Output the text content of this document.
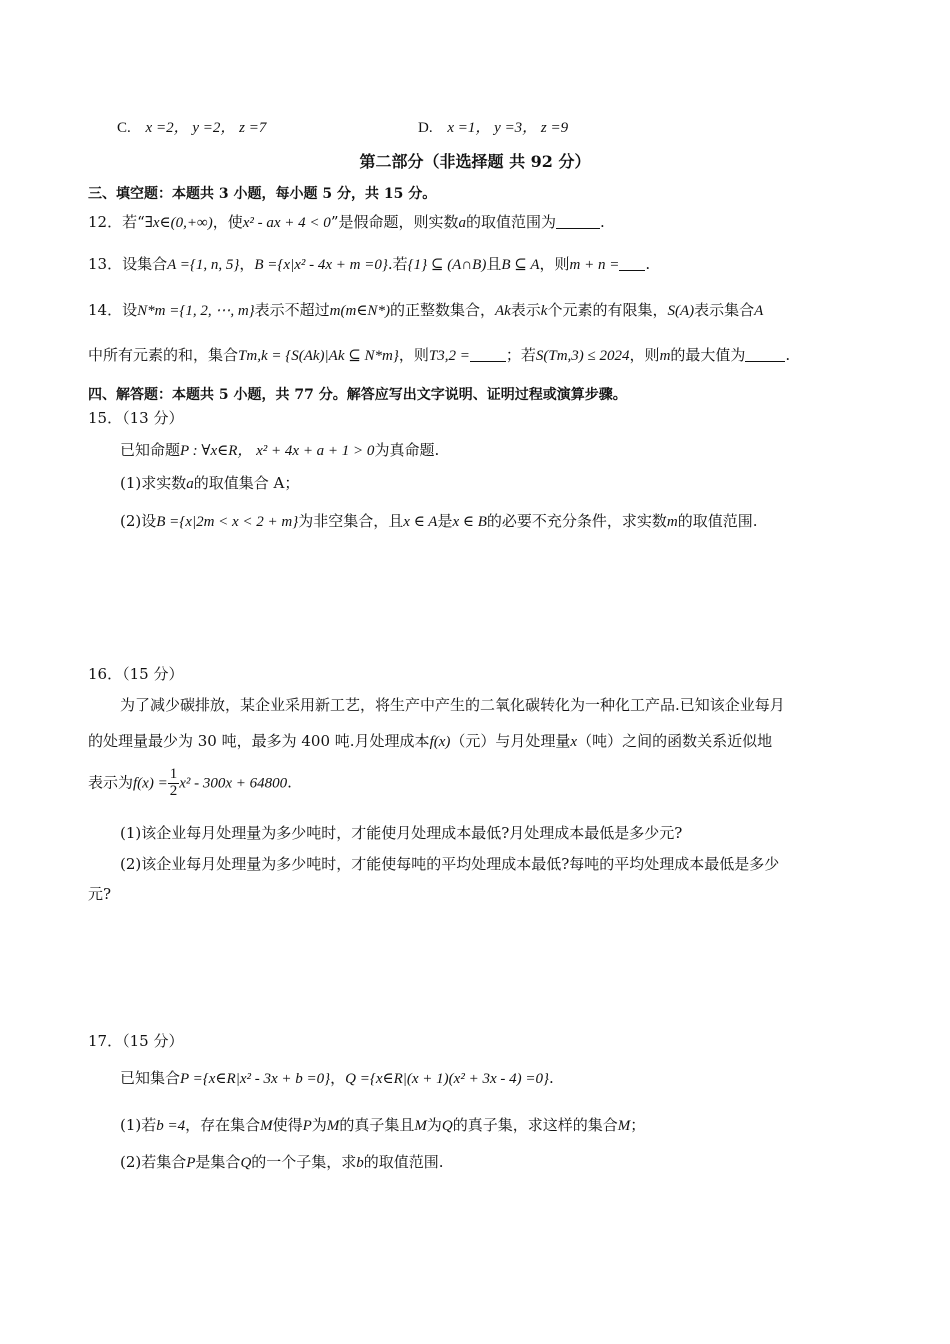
C. x =2， y =2， z =7	D. x =1， y =3， z =9
第二部分（非选择题 共 92 分）
三、填空题：本题共 3 小题，每小题 5 分，共 15 分。
12．若“∃x∈(0,+∞)，使x² - ax + 4 < 0”是假命题，则实数a的取值范围为	.
13．设集合A ={1, n, 5}，B ={x|x² - 4x + m =0}.若{1} ⊆ (A∩B)且B ⊆ A，则m + n = .
14．设N*m ={1, 2, ⋯, m}表示不超过m(m∈N*)的正整数集合，Ak表示k个元素的有限集，S(A)表示集合A
中所有元素的和，集合Tm,k = {S(Ak)|Ak ⊆ N*m}，则T3,2 = ；若S(Tm,3) ≤ 2024，则m的最大值为	.
四、解答题：本题共 5 小题，共 77 分。解答应写出文字说明、证明过程或演算步骤。
15．（13 分）
已知命题P : ∀x∈R， x² + 4x + a + 1 > 0为真命题.
(1)求实数a的取值集合 A；
(2)设B ={x|2m < x < 2 + m}为非空集合，且x ∈ A是x ∈ B的必要不充分条件，求实数m的取值范围.
16．（15 分）
为了减少碳排放，某企业采用新工艺，将生产中产生的二氧化碳转化为一种化工产品.已知该企业每月
的处理量最少为 30 吨，最多为 400 吨.月处理成本f(x)（元）与月处理量x（吨）之间的函数关系近似地
表示为$f(x) = \frac{1}{2} x^2 - 300x + 64800$.
(1)该企业每月处理量为多少吨时，才能使月处理成本最低?月处理成本最低是多少元?
(2)该企业每月处理量为多少吨时，才能使每吨的平均处理成本最低?每吨的平均处理成本最低是多少
元?
17．（15 分）
已知集合P ={x∈R|x² - 3x + b =0}，Q ={x∈R|(x + 1)(x² + 3x - 4) =0}.
(1)若b =4，存在集合M使得P为M的真子集且M为Q的真子集，求这样的集合M；
(2)若集合P是集合Q的一个子集，求b的取值范围.
